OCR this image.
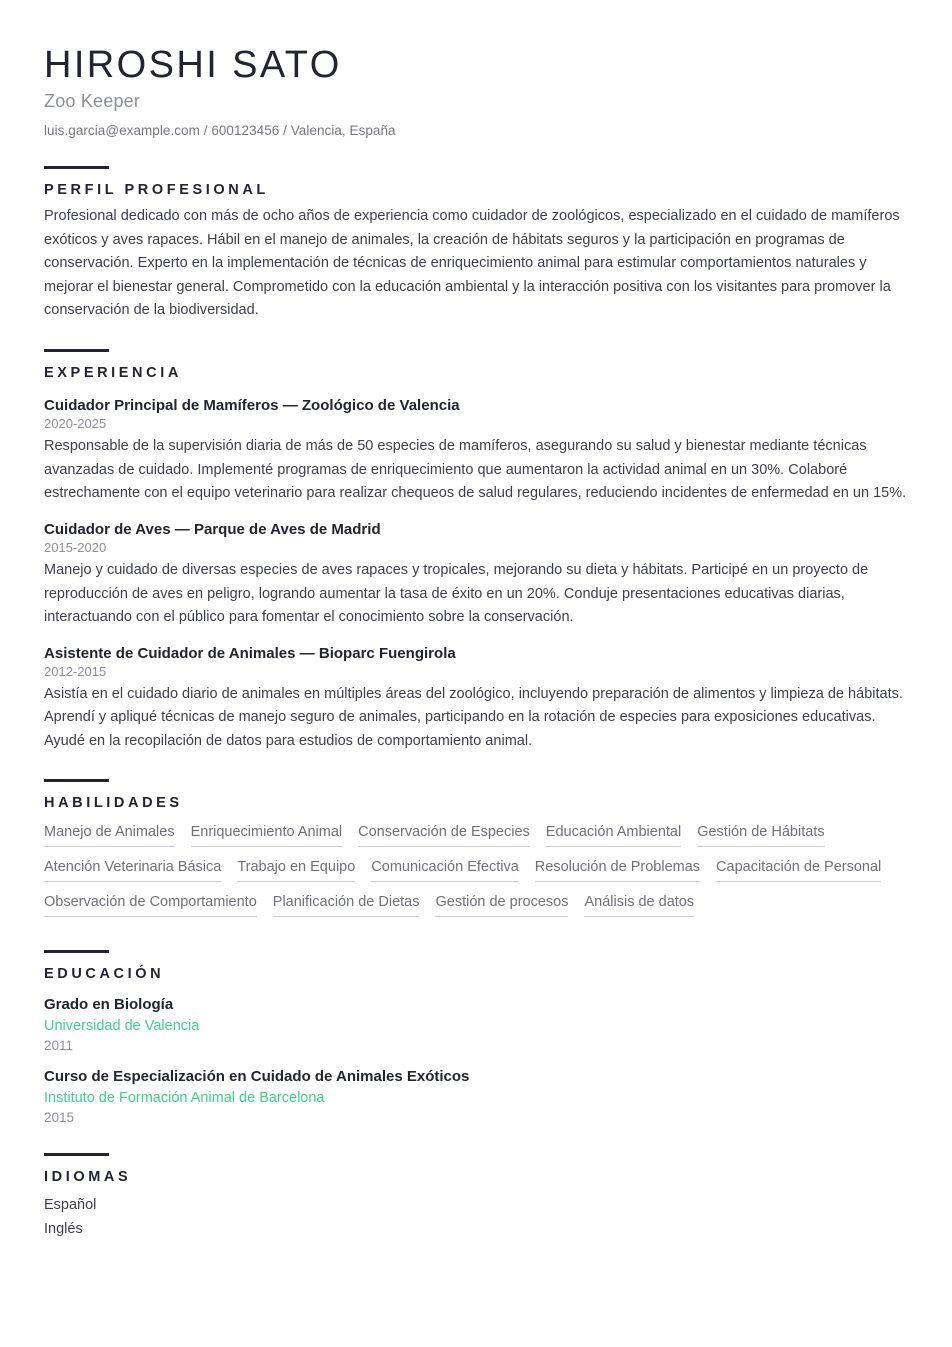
HIROSHI SATO
Zoo Keeper
luis.garcia@example.com / 600123456 / Valencia, España
PERFIL PROFESIONAL

Profesional dedicado con más de ocho años de experiencia como cuidador de zoológicos, especializado en el cuidado de mamíferos exóticos y aves rapaces. Hábil en el manejo de animales, la creación de hábitats seguros y la participación en programas de conservación. Experto en la implementación de técnicas de enriquecimiento animal para estimular comportamientos naturales y mejorar el bienestar general. Comprometido con la educación ambiental y la interacción positiva con los visitantes para promover la conservación de la biodiversidad.

EXPERIENCIA
Cuidador Principal de Mamíferos — Zoológico de Valencia
2020-2025

Responsable de la supervisión diaria de más de 50 especies de mamíferos, asegurando su salud y bienestar mediante técnicas avanzadas de cuidado. Implementé programas de enriquecimiento que aumentaron la actividad animal en un 30%. Colaboré estrechamente con el equipo veterinario para realizar chequeos de salud regulares, reduciendo incidentes de enfermedad en un 15%.

Cuidador de Aves — Parque de Aves de Madrid
2015-2020

Manejo y cuidado de diversas especies de aves rapaces y tropicales, mejorando su dieta y hábitats. Participé en un proyecto de reproducción de aves en peligro, logrando aumentar la tasa de éxito en un 20%. Conduje presentaciones educativas diarias, interactuando con el público para fomentar el conocimiento sobre la conservación.

Asistente de Cuidador de Animales — Bioparc Fuengirola
2012-2015

Asistía en el cuidado diario de animales en múltiples áreas del zoológico, incluyendo preparación de alimentos y limpieza de hábitats. Aprendí y apliqué técnicas de manejo seguro de animales, participando en la rotación de especies para exposiciones educativas. Ayudé en la recopilación de datos para estudios de comportamiento animal.

HABILIDADES
Manejo de Animales Enriquecimiento Animal Conservación de Especies Educación Ambiental Gestión de Hábitats
Atención Veterinaria Básica Trabajo en Equipo Comunicación Efectiva Resolución de Problemas Capacitación de Personal
Observación de Comportamiento Planificación de Dietas Gestión de procesos Análisis de datos
EDUCACIÓN
Grado en Biología
Universidad de Valencia
2011
Curso de Especialización en Cuidado de Animales Exóticos
Instituto de Formación Animal de Barcelona
2015
IDIOMAS
Español
Inglés
